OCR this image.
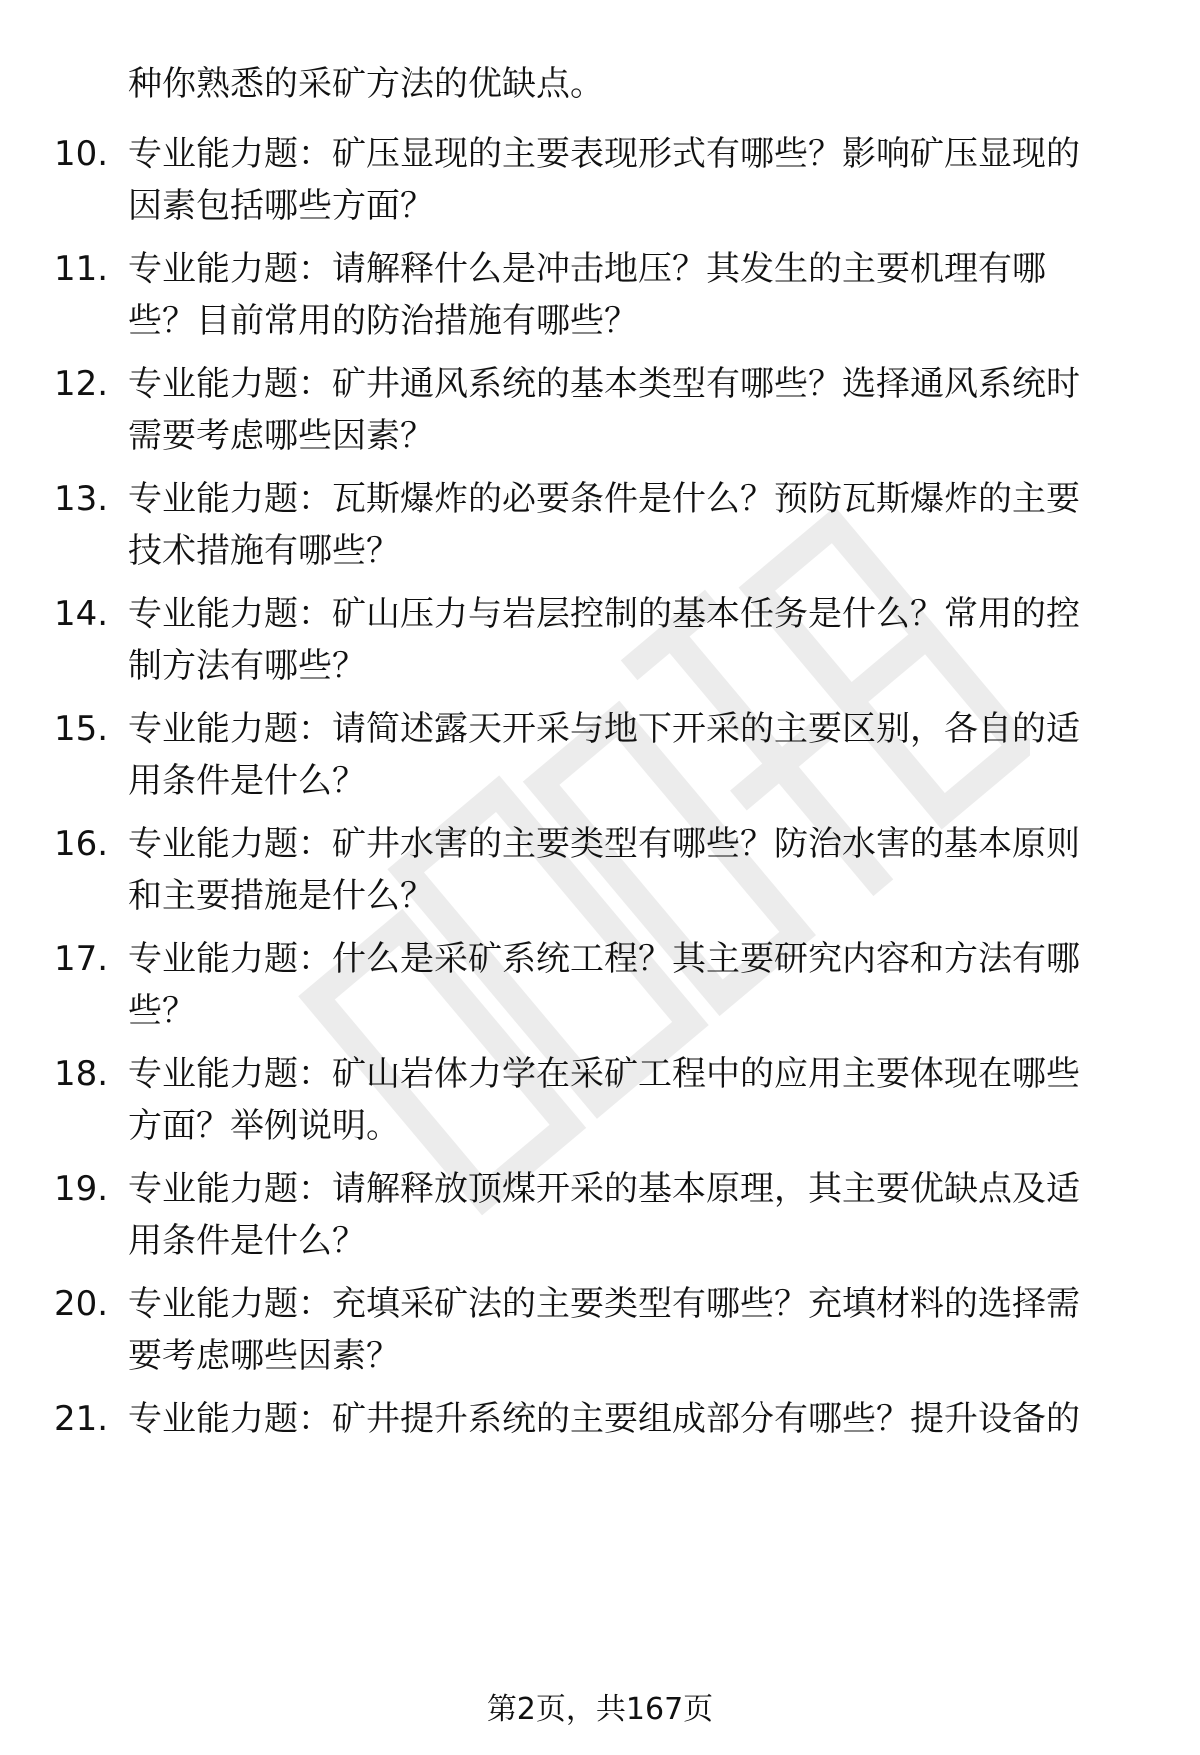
种你熟悉的采矿方法的优缺点。
10. 专业能力题：矿压显现的主要表现形式有哪些？影响矿压显现的
因素包括哪些方面？
11. 专业能力题：请解释什么是冲击地压？其发生的主要机理有哪
些？目前常用的防治措施有哪些？
12. 专业能力题：矿井通风系统的基本类型有哪些？选择通风系统时
需要考虑哪些因素？
13. 专业能力题：瓦斯爆炸的必要条件是什么？预防瓦斯爆炸的主要
技术措施有哪些？
14. 专业能力题：矿山压力与岩层控制的基本任务是什么？常用的控
制方法有哪些？
15. 专业能力题：请简述露天开采与地下开采的主要区别，各自的适
用条件是什么？
16. 专业能力题：矿井水害的主要类型有哪些？防治水害的基本原则
和主要措施是什么？
17. 专业能力题：什么是采矿系统工程？其主要研究内容和方法有哪
些？
18. 专业能力题：矿山岩体力学在采矿工程中的应用主要体现在哪些
方面？举例说明。
19. 专业能力题：请解释放顶煤开采的基本原理，其主要优缺点及适
用条件是什么？
20. 专业能力题：充填采矿法的主要类型有哪些？充填材料的选择需
要考虑哪些因素？
21. 专业能力题：矿井提升系统的主要组成部分有哪些？提升设备的
第2页，共167页
